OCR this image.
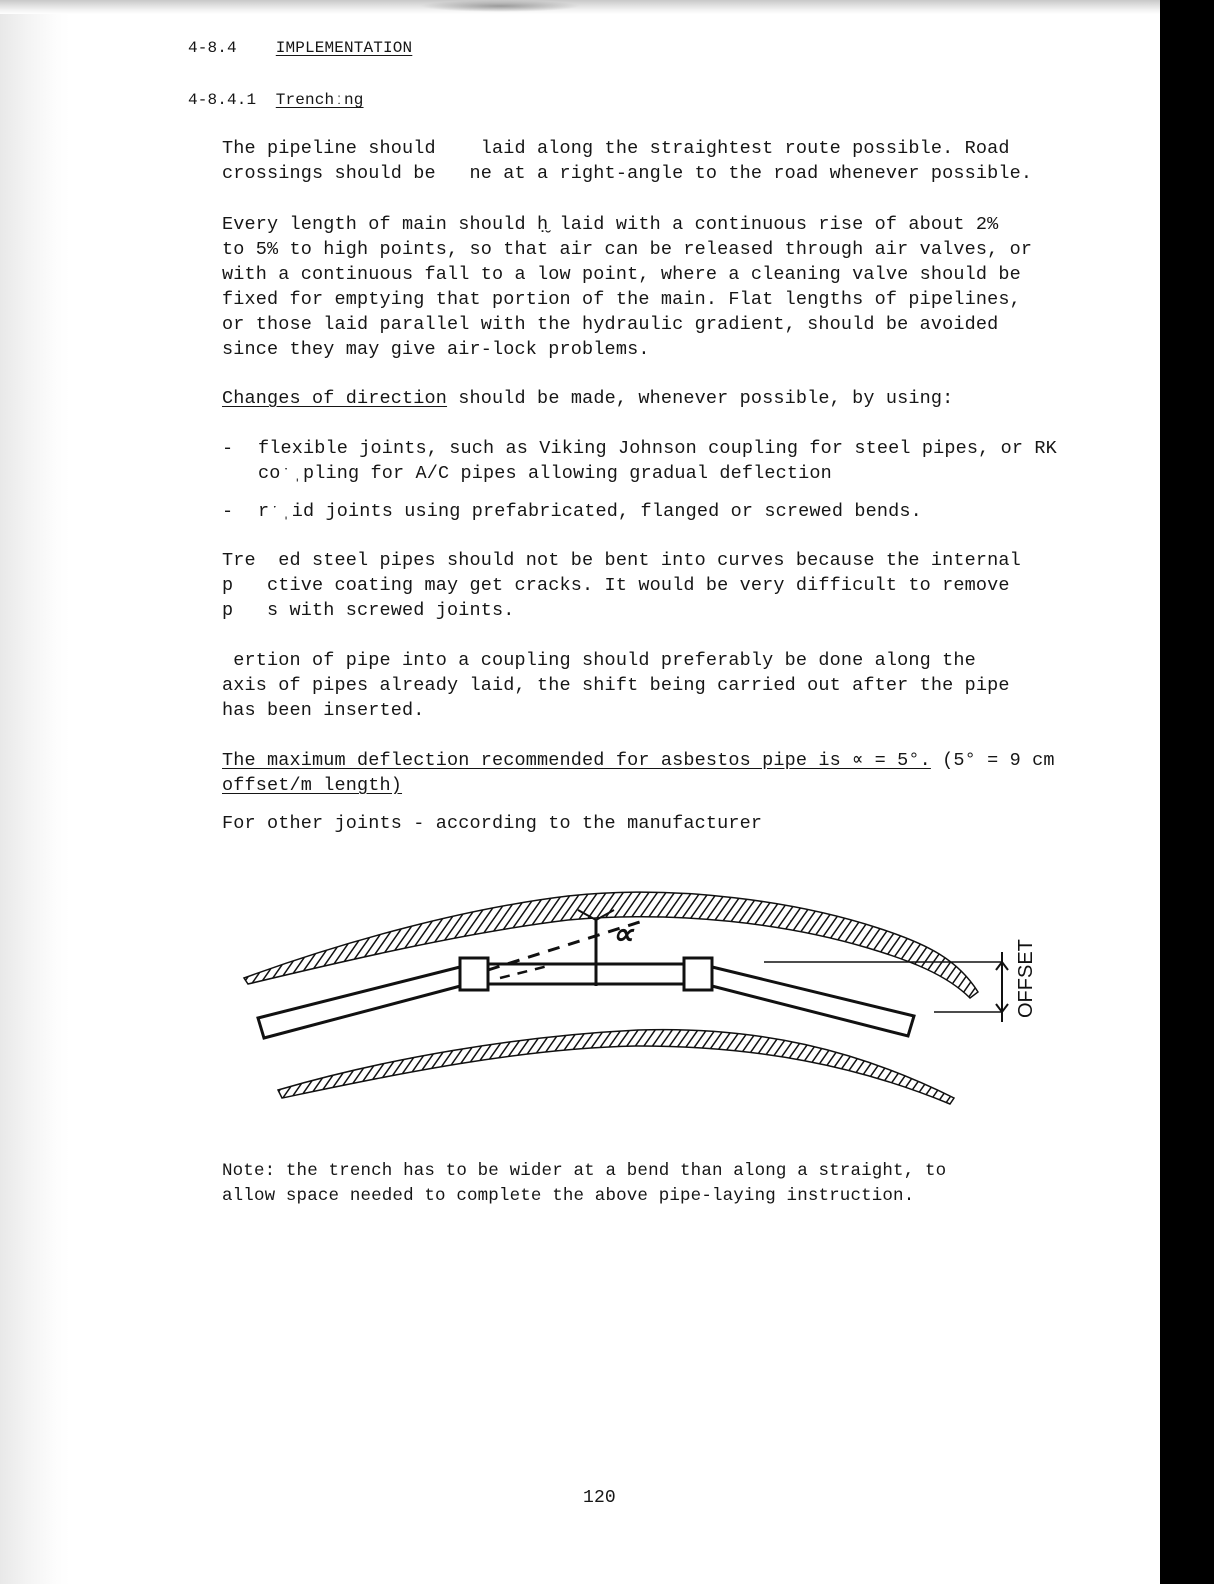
4-8.4 IMPLEMENTATION

4-8.4.1 Trenchːng

The pipeline should    laid along the straightest route possible. Road

crossings should be   ne at a right-angle to the road whenever possible.

Every length of main should ḥ̮ laid with a continuous rise of about 2%

to 5% to high points, so that air can be released through air valves, or

with a continuous fall to a low point, where a cleaning valve should be

fixed for emptying that portion of the main. Flat lengths of pipelines,

or those laid parallel with the hydraulic gradient, should be avoided

since they may give air-lock problems.

Changes of direction should be made, whenever possible, by using:

- flexible joints, such as Viking Johnson coupling for steel pipes, or RK

coˑˌpling for A/C pipes allowing gradual deflection

- rˑˌid joints using prefabricated, flanged or screwed bends.

Tre  ed steel pipes should not be bent into curves because the internal

p   ctive coating may get cracks. It would be very difficult to remove

p   s with screwed joints.

ertion of pipe into a coupling should preferably be done along the

axis of pipes already laid, the shift being carried out after the pipe

has been inserted.

The maximum deflection recommended for asbestos pipe is ∝ = 5°. (5° = 9 cm

offset/m length)

For other joints - according to the manufacturer

∝
OFFSET

Note: the trench has to be wider at a bend than along a straight, to

allow space needed to complete the above pipe-laying instruction.

120
